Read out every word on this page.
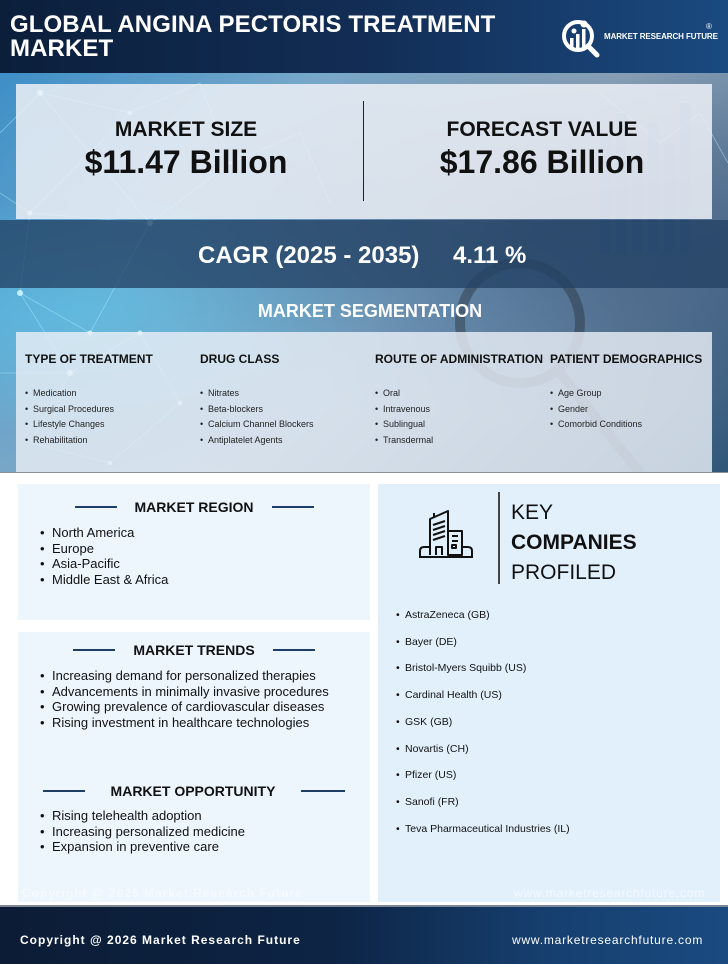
GLOBAL ANGINA PECTORIS TREATMENT MARKET	MARKET RESEARCH FUTURE
®
MARKET SIZE
$11.47 Billion
FORECAST VALUE
$17.86 Billion
CAGR (2025 - 2035) 4.11 %
MARKET SEGMENTATION
TYPE OF TREATMENT
• Medication
• Surgical Procedures
• Lifestyle Changes
• Rehabilitation
DRUG CLASS
• Nitrates
• Beta-blockers
• Calcium Channel Blockers
• Antiplatelet Agents
ROUTE OF ADMINISTRATION
• Oral
• Intravenous
• Sublingual
• Transdermal
PATIENT DEMOGRAPHICS
• Age Group
• Gender
• Comorbid Conditions
MARKET REGION
• North America
• Europe
• Asia-Pacific
• Middle East & Africa
MARKET TRENDS
• Increasing demand for personalized therapies
• Advancements in minimally invasive procedures
• Growing prevalence of cardiovascular diseases
• Rising investment in healthcare technologies
MARKET OPPORTUNITY
• Rising telehealth adoption
• Increasing personalized medicine
• Expansion in preventive care
KEY
COMPANIES
PROFILED
• AstraZeneca (GB)
• Bayer (DE)
• Bristol-Myers Squibb (US)
• Cardinal Health (US)
• GSK (GB)
• Novartis (CH)
• Pfizer (US)
• Sanofi (FR)
• Teva Pharmaceutical Industries (IL)
Copyright @ 2025 Market Research Future	www.marketresearchfuture.com
Copyright @ 2026 Market Research Future	www.marketresearchfuture.com
